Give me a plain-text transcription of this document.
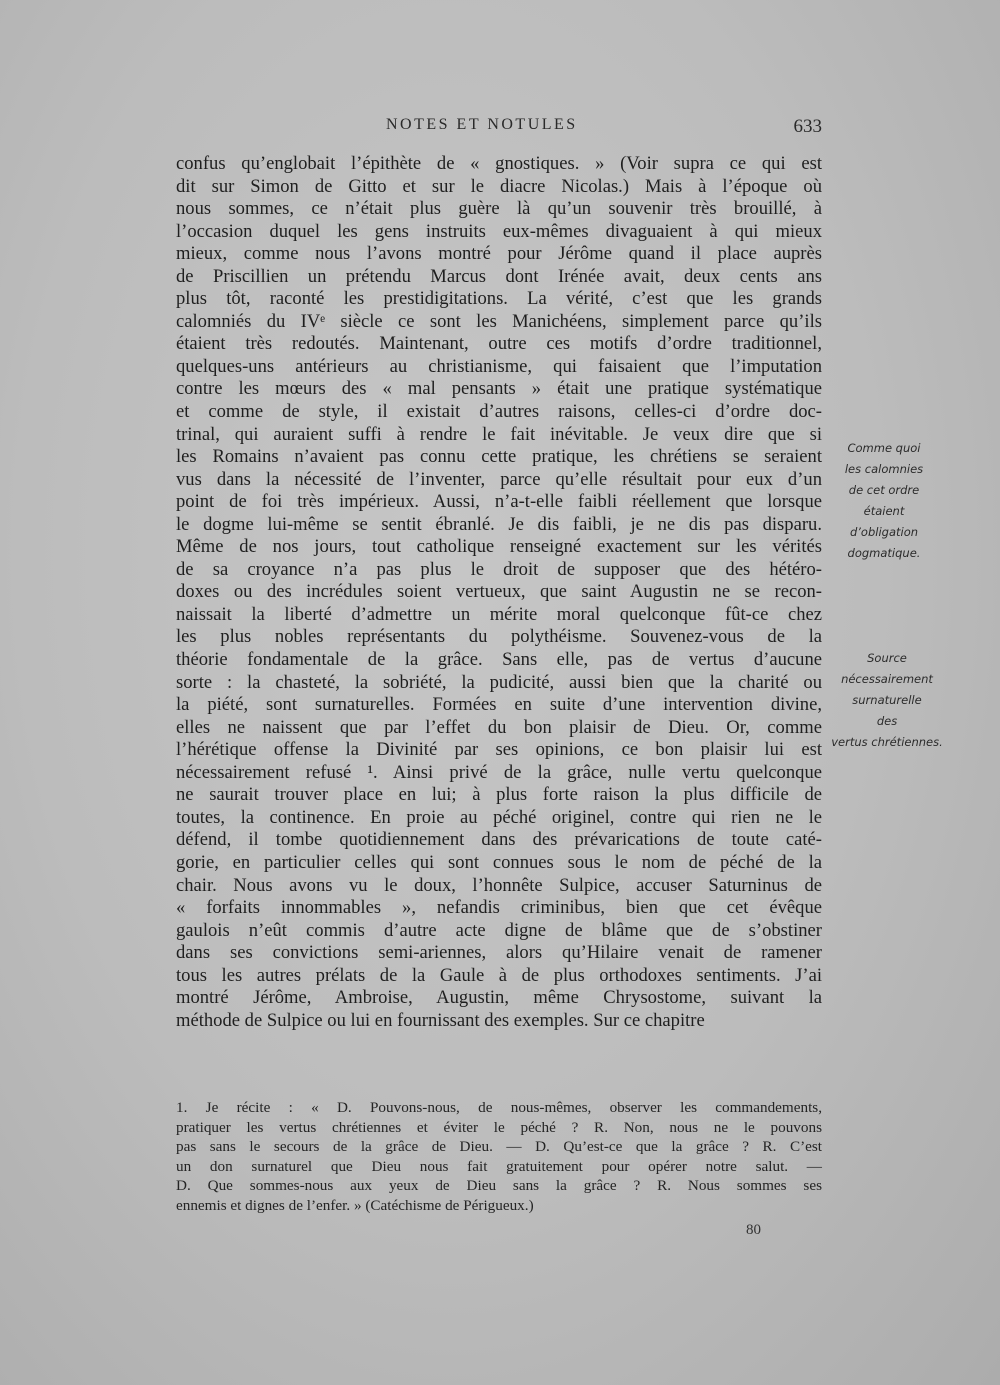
NOTES ET NOTULES	633
confus qu’englobait l’épithète de « gnostiques. » (Voir supra ce qui est
dit sur Simon de Gitto et sur le diacre Nicolas.) Mais à l’époque où
nous sommes, ce n’était plus guère là qu’un souvenir très brouillé, à
l’occasion duquel les gens instruits eux-mêmes divaguaient à qui mieux
mieux, comme nous l’avons montré pour Jérôme quand il place auprès
de Priscillien un prétendu Marcus dont Irénée avait, deux cents ans
plus tôt, raconté les prestidigitations. La vérité, c’est que les grands
calomniés du IVᵉ siècle ce sont les Manichéens, simplement parce qu’ils
étaient très redoutés. Maintenant, outre ces motifs d’ordre traditionnel,
quelques-uns antérieurs au christianisme, qui faisaient que l’imputation
contre les mœurs des « mal pensants » était une pratique systématique
et comme de style, il existait d’autres raisons, celles-ci d’ordre doc-
trinal, qui auraient suffi à rendre le fait inévitable. Je veux dire que si
les Romains n’avaient pas connu cette pratique, les chrétiens se seraient
vus dans la nécessité de l’inventer, parce qu’elle résultait pour eux d’un
point de foi très impérieux. Aussi, n’a-t-elle faibli réellement que lorsque
le dogme lui-même se sentit ébranlé. Je dis faibli, je ne dis pas disparu.
Même de nos jours, tout catholique renseigné exactement sur les vérités
de sa croyance n’a pas plus le droit de supposer que des hétéro-
doxes ou des incrédules soient vertueux, que saint Augustin ne se recon-
naissait la liberté d’admettre un mérite moral quelconque fût-ce chez
les plus nobles représentants du polythéisme. Souvenez-vous de la
théorie fondamentale de la grâce. Sans elle, pas de vertus d’aucune
sorte : la chasteté, la sobriété, la pudicité, aussi bien que la charité ou
la piété, sont surnaturelles. Formées en suite d’une intervention divine,
elles ne naissent que par l’effet du bon plaisir de Dieu. Or, comme
l’hérétique offense la Divinité par ses opinions, ce bon plaisir lui est
nécessairement refusé ¹. Ainsi privé de la grâce, nulle vertu quelconque
ne saurait trouver place en lui; à plus forte raison la plus difficile de
toutes, la continence. En proie au péché originel, contre qui rien ne le
défend, il tombe quotidiennement dans des prévarications de toute caté-
gorie, en particulier celles qui sont connues sous le nom de péché de la
chair. Nous avons vu le doux, l’honnête Sulpice, accuser Saturninus de
« forfaits innommables », nefandis criminibus, bien que cet évêque
gaulois n’eût commis d’autre acte digne de blâme que de s’obstiner
dans ses convictions semi-ariennes, alors qu’Hilaire venait de ramener
tous les autres prélats de la Gaule à de plus orthodoxes sentiments. J’ai
montré Jérôme, Ambroise, Augustin, même Chrysostome, suivant la
méthode de Sulpice ou lui en fournissant des exemples. Sur ce chapitre
Comme quoi
les calomnies
de cet ordre
étaient
d’obligation
dogmatique.
Source
nécessairement
surnaturelle
des
vertus chrétiennes.
1. Je récite : « D. Pouvons-nous, de nous-mêmes, observer les commandements,
pratiquer les vertus chrétiennes et éviter le péché ? R. Non, nous ne le pouvons
pas sans le secours de la grâce de Dieu. — D. Qu’est-ce que la grâce ? R. C’est
un don surnaturel que Dieu nous fait gratuitement pour opérer notre salut. —
D. Que sommes-nous aux yeux de Dieu sans la grâce ? R. Nous sommes ses
ennemis et dignes de l’enfer. » (Catéchisme de Périgueux.)
80
